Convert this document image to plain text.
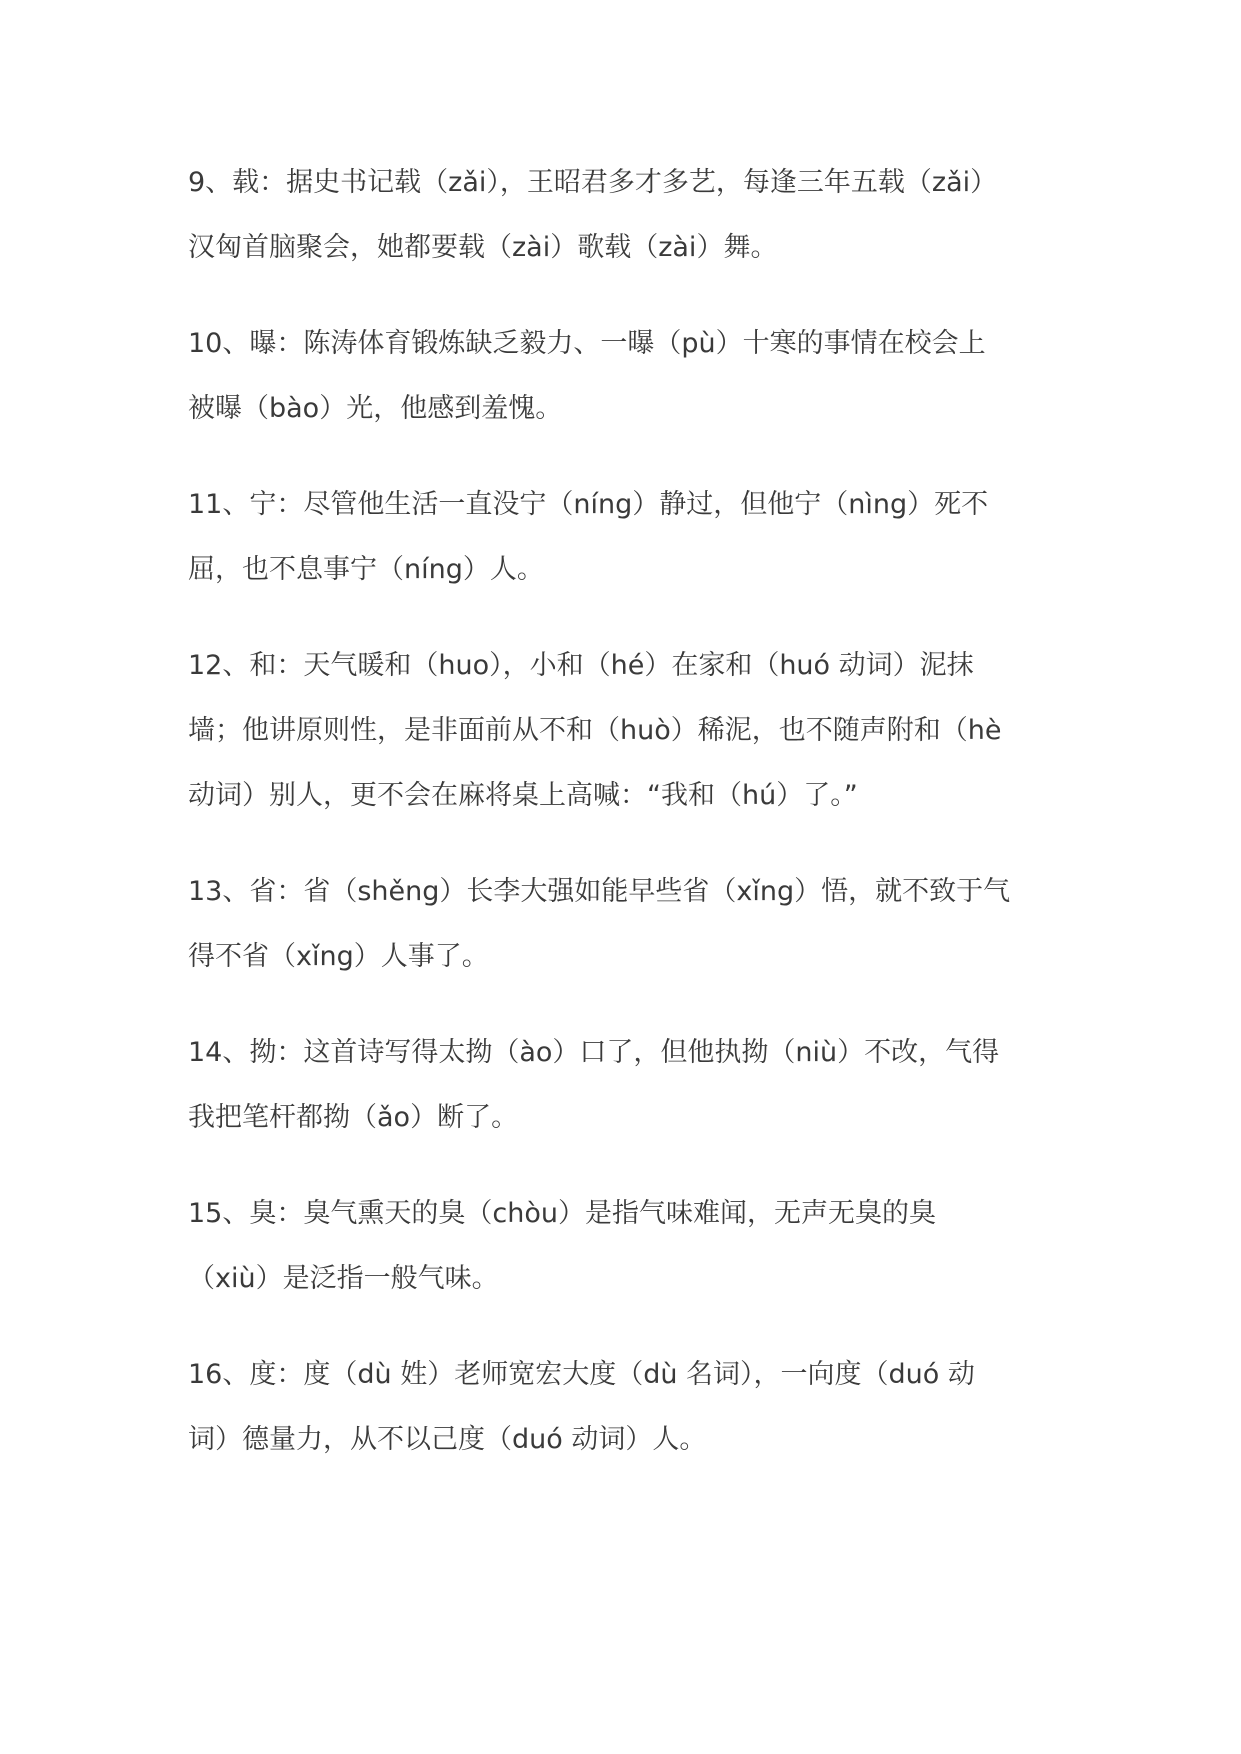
9、载：据史书记载（zǎi），王昭君多才多艺，每逢三年五载（zǎi）
汉匈首脑聚会，她都要载（zài）歌载（zài）舞。

10、曝：陈涛体育锻炼缺乏毅力、一曝（pù）十寒的事情在校会上
被曝（bào）光，他感到羞愧。

11、宁：尽管他生活一直没宁（níng）静过，但他宁（nìng）死不
屈，也不息事宁（níng）人。

12、和：天气暖和（huo），小和（hé）在家和（huó 动词）泥抹
墙；他讲原则性，是非面前从不和（huò）稀泥，也不随声附和（hè
动词）别人，更不会在麻将桌上高喊：“我和（hú）了。”

13、省：省（shěng）长李大强如能早些省（xǐng）悟，就不致于气
得不省（xǐng）人事了。

14、拗：这首诗写得太拗（ào）口了，但他执拗（niù）不改，气得
我把笔杆都拗（ǎo）断了。

15、臭：臭气熏天的臭（chòu）是指气味难闻，无声无臭的臭
（xiù）是泛指一般气味。

16、度：度（dù 姓）老师宽宏大度（dù 名词），一向度（duó 动
词）德量力，从不以己度（duó 动词）人。
